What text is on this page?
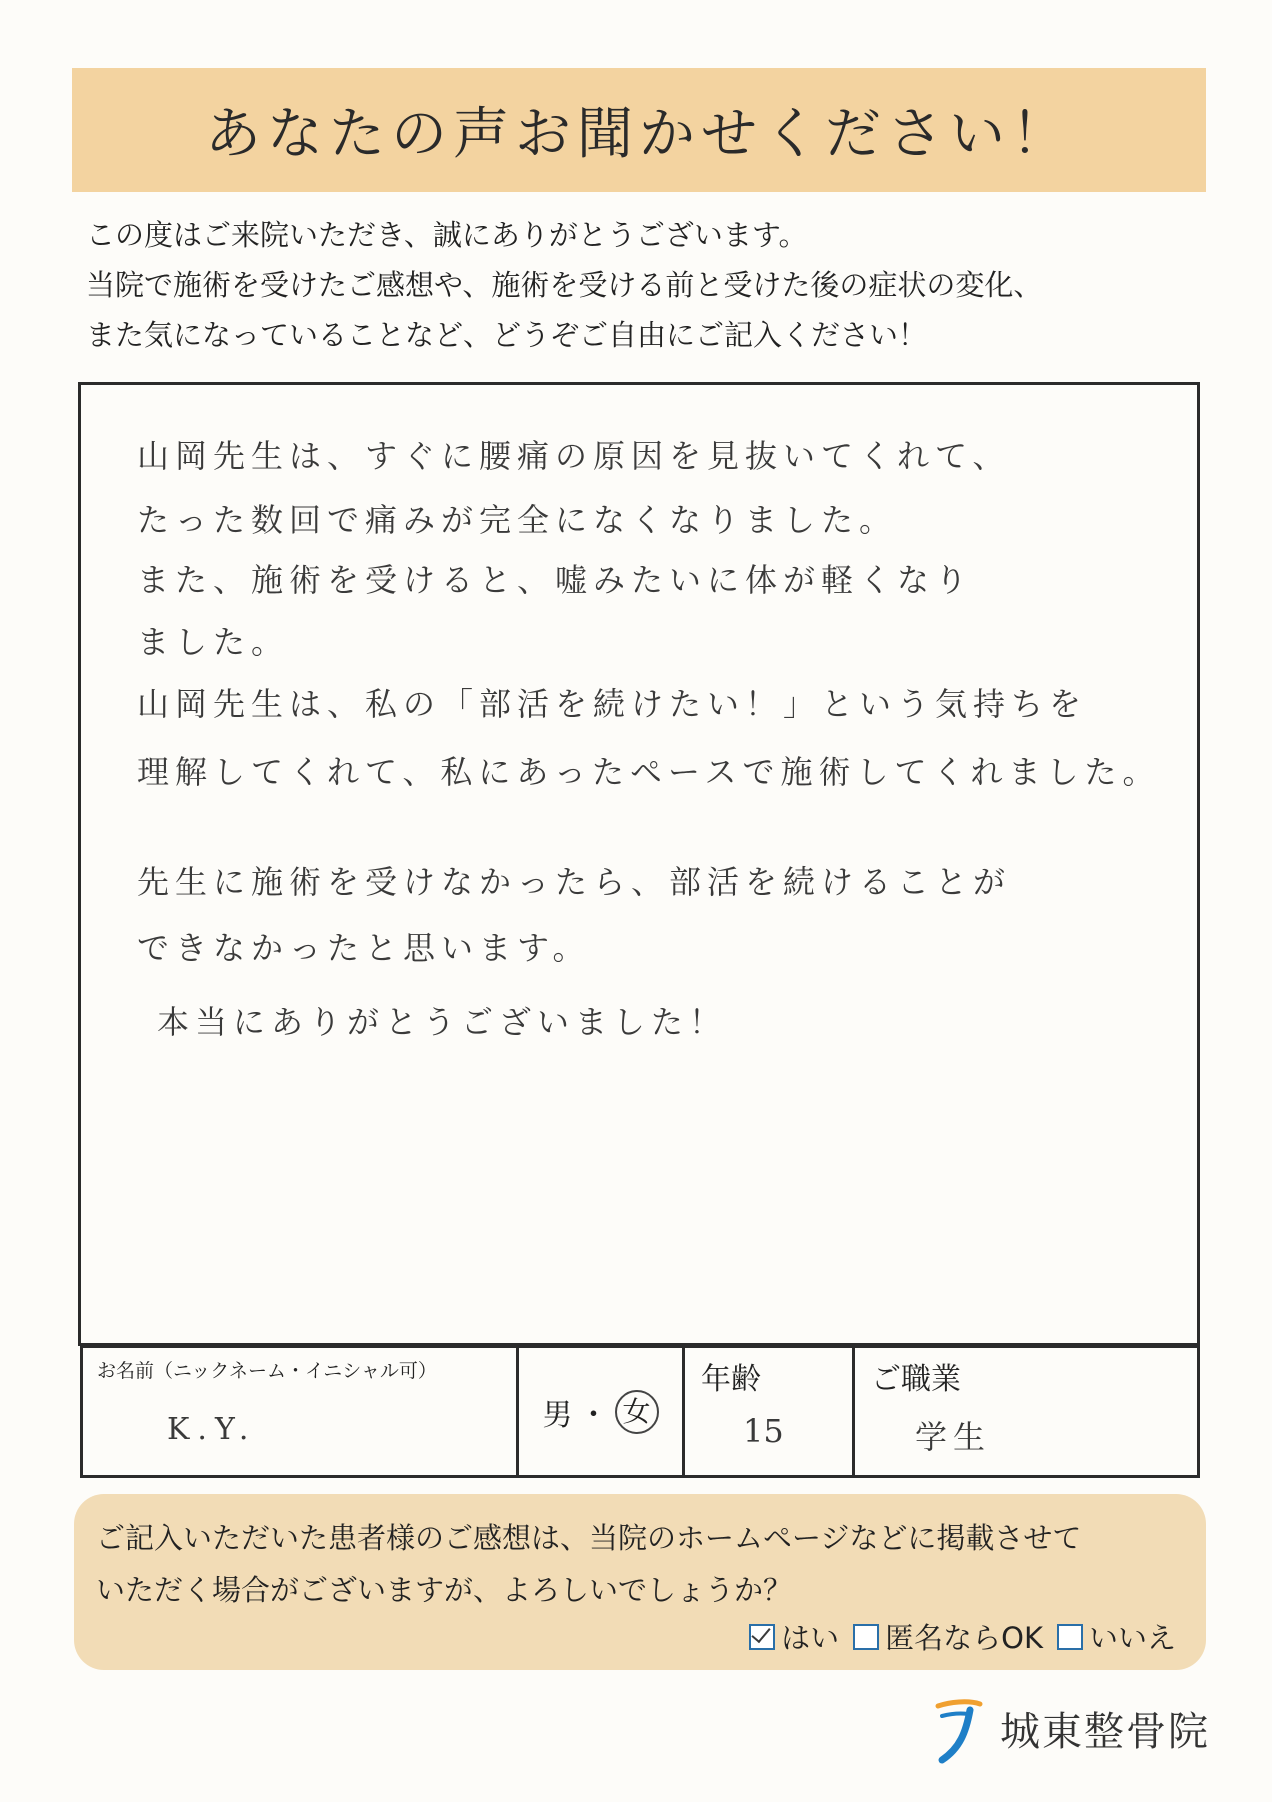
あなたの声お聞かせください！

この度はご来院いただき、誠にありがとうございます。

当院で施術を受けたご感想や、施術を受ける前と受けた後の症状の変化、

また気になっていることなど、どうぞご自由にご記入ください！

山岡先生は、すぐに腰痛の原因を見抜いてくれて、

たった数回で痛みが完全になくなりました。

また、施術を受けると、嘘みたいに体が軽くなり

ました。

山岡先生は、私の「部活を続けたい！」という気持ちを

理解してくれて、私にあったペースで施術してくれました。

先生に施術を受けなかったら、部活を続けることが

できなかったと思います。

本当にありがとうございました！

お名前（ニックネーム・イニシャル可）
K.Y.	男 ・ 女
年齢
15
ご職業
学生

ご記入いただいた患者様のご感想は、当院のホームページなどに掲載させて

いただく場合がございますが、よろしいでしょうか？

はい 匿名ならOK いいえ
城東整骨院
